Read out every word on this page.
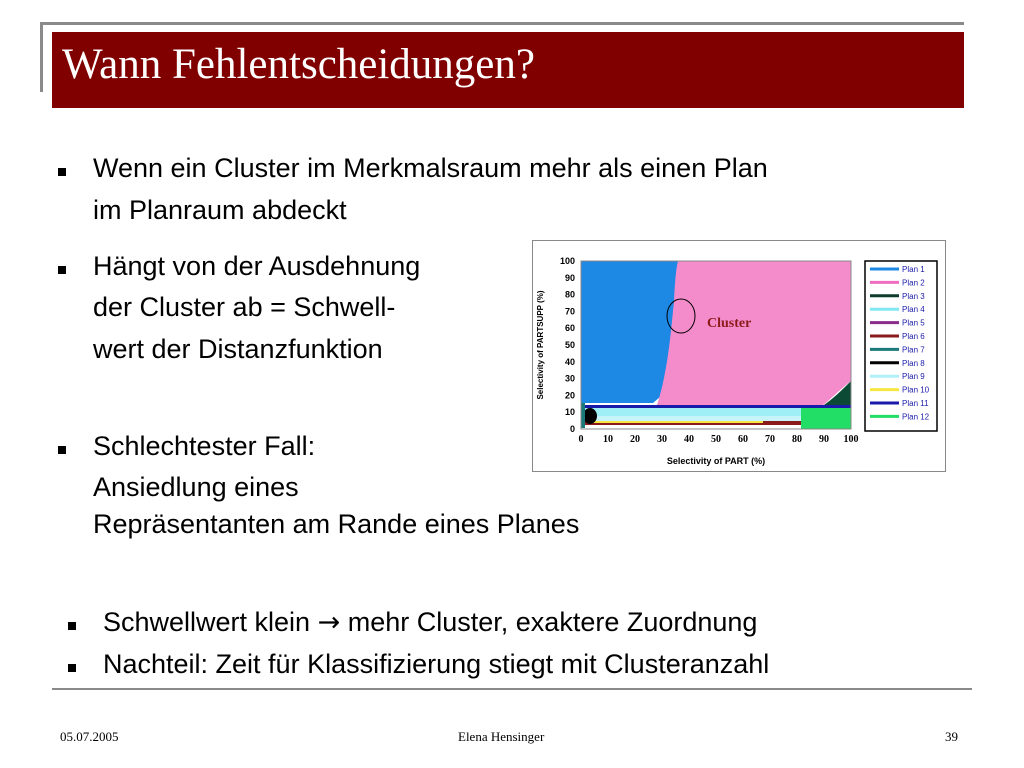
Wann Fehlentscheidungen?
Wenn ein Cluster im Merkmalsraum mehr als einen Plan
im Planraum abdeckt
Hängt von der Ausdehnung
der Cluster ab = Schwell-
wert der Distanzfunktion
Schlechtester Fall:
Ansiedlung eines
Repräsentanten am Rande eines Planes
Schwellwert klein → mehr Cluster, exaktere Zuordnung
Nachteil: Zeit für Klassifizierung stiegt mit Clusteranzahl
05.07.2005	Elena Hensinger	39
0
10
20
30
40
50
60
70
80
90
100
0 10 20 30 40 50 60 70 80 90 100
Selectivity of PART (%)
Selectivity of PARTSUPP (%)	Cluster
Plan 1
Plan 2
Plan 3
Plan 4
Plan 5
Plan 6
Plan 7
Plan 8
Plan 9
Plan 10
Plan 11
Plan 12
